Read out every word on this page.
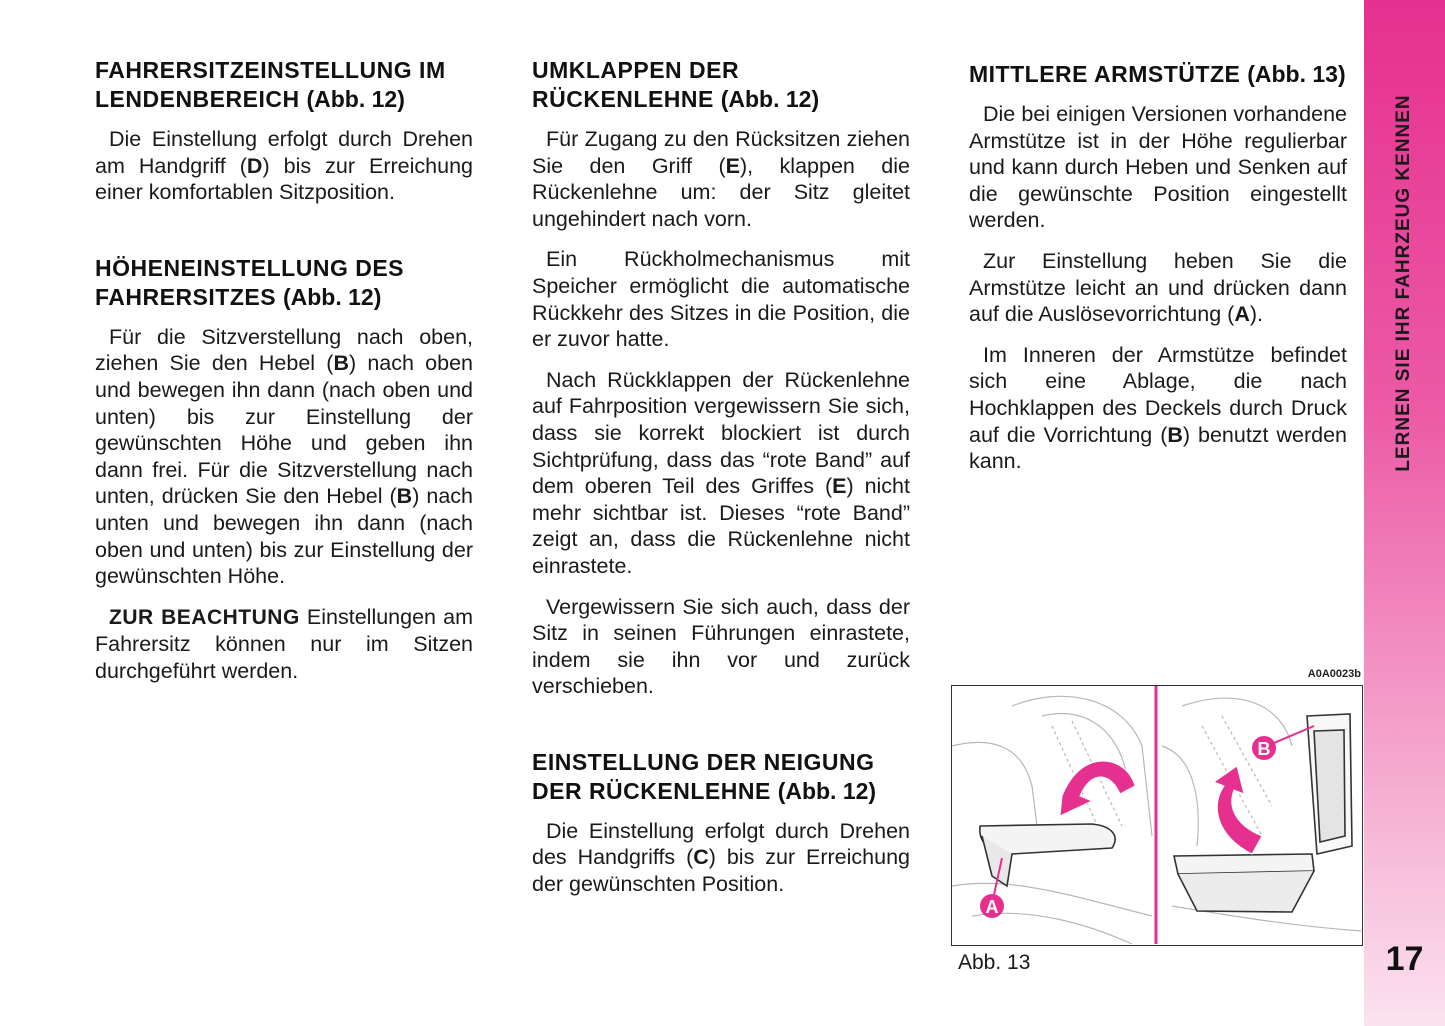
FAHRERSITZEINSTELLUNG IM LENDENBEREICH (Abb. 12)

Die Einstellung erfolgt durch Drehen am Handgriff (D) bis zur Erreichung einer komfortablen Sitzposition.

HÖHENEINSTELLUNG DES FAHRERSITZES (Abb. 12)

Für die Sitzverstellung nach oben, ziehen Sie den Hebel (B) nach oben und bewegen ihn dann (nach oben und unten) bis zur Einstellung der gewünschten Höhe und geben ihn dann frei. Für die Sitzverstellung nach unten, drücken Sie den Hebel (B) nach unten und bewegen ihn dann (nach oben und unten) bis zur Einstellung der gewünschten Höhe.

ZUR BEACHTUNG Einstellungen am Fahrersitz können nur im Sitzen durchgeführt werden.

UMKLAPPEN DER RÜCKENLEHNE (Abb. 12)

Für Zugang zu den Rücksitzen ziehen Sie den Griff (E), klappen die Rückenlehne um: der Sitz gleitet ungehindert nach vorn.

Ein Rückholmechanismus mit Speicher ermöglicht die automatische Rückkehr des Sitzes in die Position, die er zuvor hatte.

Nach Rückklappen der Rückenlehne auf Fahrposition vergewissern Sie sich, dass sie korrekt blockiert ist durch Sichtprüfung, dass das “rote Band” auf dem oberen Teil des Griffes (E) nicht mehr sichtbar ist. Dieses “rote Band” zeigt an, dass die Rückenlehne nicht einrastete.

Vergewissern Sie sich auch, dass der Sitz in seinen Führungen einrastete, indem sie ihn vor und zurück verschieben.

EINSTELLUNG DER NEIGUNG DER RÜCKENLEHNE (Abb. 12)

Die Einstellung erfolgt durch Drehen des Handgriffs (C) bis zur Erreichung der gewünschten Position.

MITTLERE ARMSTÜTZE (Abb. 13)

Die bei einigen Versionen vorhandene Armstütze ist in der Höhe regulierbar und kann durch Heben und Senken auf die gewünschte Position eingestellt werden.

Zur Einstellung heben Sie die Armstütze leicht an und drücken dann auf die Auslösevorrichtung (A).

Im Inneren der Armstütze befindet sich eine Ablage, die nach Hochklappen des Deckels durch Druck auf die Vorrichtung (B) benutzt werden kann.

A0A0023b
A
B
Abb. 13
LERNEN SIE IHR FAHRZEUG KENNEN
17
